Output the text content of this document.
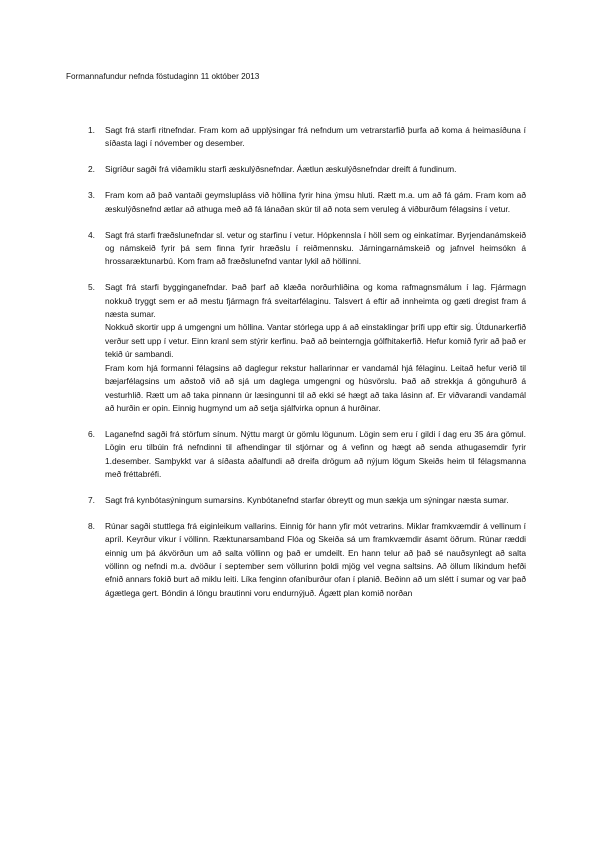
Formannafundur nefnda föstudaginn 11 október 2013
1. Sagt frá starfi ritnefndar. Fram kom að upplýsingar frá nefndum um vetrarstarfið þurfa að koma á heimasíðuna í síðasta lagi í nóvember og desember.

2. Sigríður sagði frá viðamiklu starfi æskulýðsnefndar. Áætlun æskulýðsnefndar dreift á fundinum.

3. Fram kom að það vantaði geymslupláss við höllina fyrir hina ýmsu hluti. Rætt m.a. um að fá gám. Fram kom að æskulýðsnefnd ætlar að athuga með að fá lánaðan skúr til að nota sem veruleg á viðburðum félagsins í vetur.

4. Sagt frá starfi fræðslunefndar sl. vetur og starfinu í vetur. Hópkennsla í höll sem og einkatímar. Byrjendanámskeið og námskeið fyrir þá sem finna fyrir hræðslu í reiðmennsku. Járningarnámskeið og jafnvel heimsókn á hrossaræktunarbú. Kom fram að fræðslunefnd vantar lykil að höllinni.

5. Sagt frá starfi bygginganefndar. Það þarf að klæða norðurhliðina og koma rafmagnsmálum í lag. Fjármagn nokkuð tryggt sem er að mestu fjármagn frá sveitarfélaginu. Talsvert á eftir að innheimta og gæti dregist fram á næsta sumar.

Nokkuð skortir upp á umgengni um höllina. Vantar stórlega upp á að einstaklingar þrífi upp eftir sig. Útdunarkerfið verður sett upp í vetur. Einn kranl sem stýrir kerfinu. Það að beinterngja gólfhitakerfið. Hefur komið fyrir að það er tekið úr sambandi.

Fram kom hjá formanni félagsins að daglegur rekstur hallarinnar er vandamál hjá félaginu. Leitað hefur verið til bæjarfélagsins um aðstoð við að sjá um daglega umgengni og húsvörslu. Það að strekkja á gönguhurð á vesturhlið. Rætt um að taka pinnann úr læsingunni til að ekki sé hægt að taka lásinn af. Er viðvarandi vandamál að hurðin er opin. Einnig hugmynd um að setja sjálfvirka opnun á hurðinar.

6. Laganefnd sagði frá störfum sínum. Nýttu margt úr gömlu lögunum. Lögin sem eru í gildi í dag eru 35 ára gömul. Lögin eru tilbúin frá nefndinni til afhendingar til stjórnar og á vefinn og hægt að senda athugasemdir fyrir 1.desember. Samþykkt var á síðasta aðalfundi að dreifa drögum að nýjum lögum Skeiðs heim til félagsmanna með fréttabréfi.

7. Sagt frá kynbótasýningum sumarsins. Kynbótanefnd starfar óbreytt og mun sækja um sýningar næsta sumar.

8. Rúnar sagði stuttlega frá eiginleikum vallarins. Einnig fór hann yfir mót vetrarins. Miklar framkvæmdir á vellinum í apríl. Keyrður vikur í völlinn. Ræktunarsamband Flóa og Skeiða sá um framkvæmdir ásamt öðrum. Rúnar ræddi einnig um þá ákvörðun um að salta völlinn og það er umdeilt. En hann telur að það sé nauðsynlegt að salta völlinn og nefndi m.a. dvöður í september sem völlurinn þoldi mjög vel vegna saltsins. Að öllum líkindum hefði efnið annars fokið burt að miklu leiti. Líka fenginn ofaníburður ofan í planið. Beðinn að um slétt í sumar og var það ágætlega gert. Bóndin á löngu brautinni voru endurnýjuð. Ágætt plan komið norðan
